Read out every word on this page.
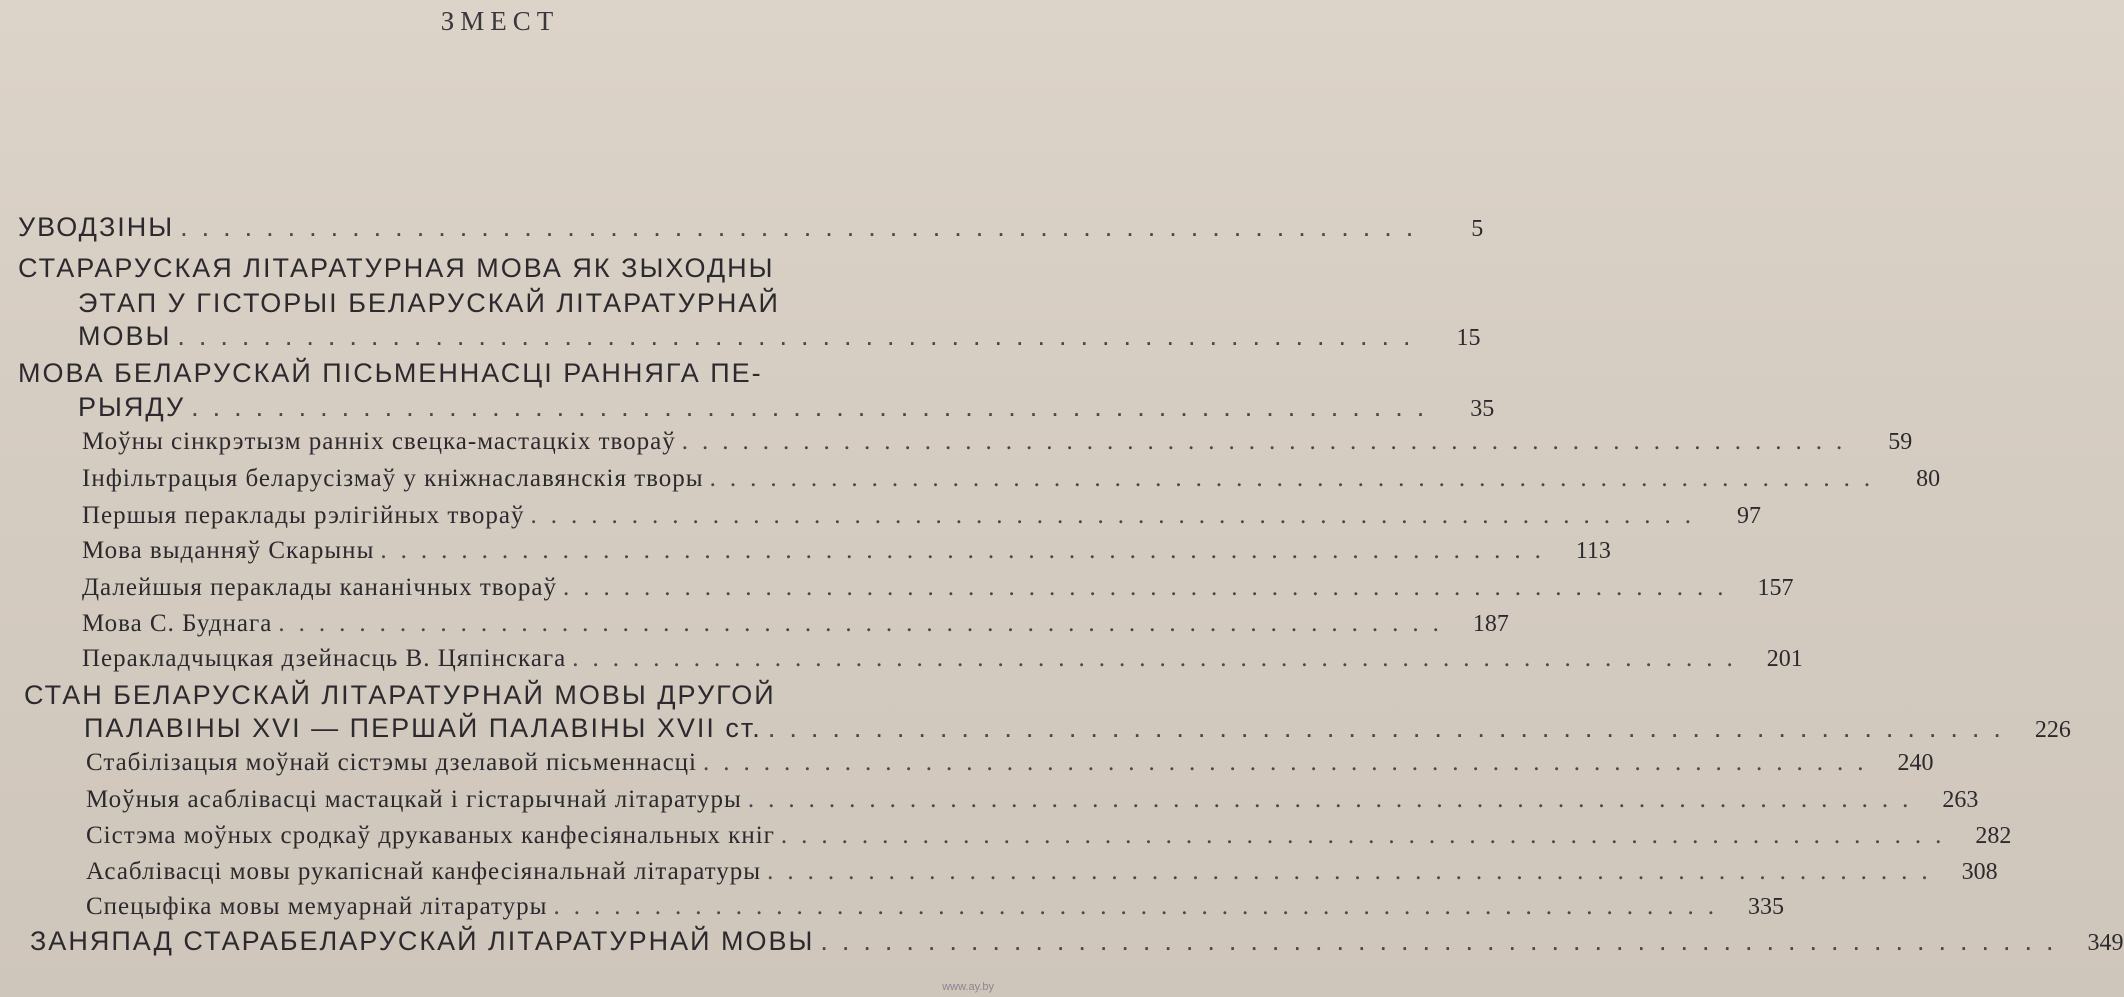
ЗМЕСТ
УВОДЗІНЫ ..........................................................	5
СТАРАРУСКАЯ ЛІТАРАТУРНАЯ МОВА ЯК ЗЫХОДНЫ
ЭТАП У ГІСТОРЫІ БЕЛАРУСКАЙ ЛІТАРАТУРНАЙ
МОВЫ ..........................................................	15
МОВА БЕЛАРУСКАЙ ПІСЬМЕННАСЦІ РАННЯГА ПЕ-
РЫЯДУ ..........................................................	35
Моўны сінкрэтызм ранніх свецка-мастацкіх твораў ..........................................................	59
Інфільтрацыя беларусізмаў у кніжнаславянскія творы ..........................................................	80
Першыя пераклады рэлігійных твораў ..........................................................	97
Мова выданняў Скарыны .......................................................... 113
Далейшыя пераклады кананічных твораў .......................................................... 157
Мова С. Буднага .......................................................... 187
Перакладчыцкая дзейнасць В. Цяпінскага .......................................................... 201
СТАН БЕЛАРУСКАЙ ЛІТАРАТУРНАЙ МОВЫ ДРУГОЙ
ПАЛАВІНЫ XVI — ПЕРШАЙ ПАЛАВІНЫ XVII ст. .......................................................... 226
Стабілізацыя моўнай сістэмы дзелавой пісьменнасці .......................................................... 240
Моўныя асаблівасці мастацкай і гістарычнай літаратуры .......................................................... 263
Сістэма моўных сродкаў друкаваных канфесіянальных кніг .......................................................... 282
Асаблівасці мовы рукапіснай канфесіянальнай літаратуры .......................................................... 308
Спецыфіка мовы мемуарнай літаратуры .......................................................... 335
ЗАНЯПАД СТАРАБЕЛАРУСКАЙ ЛІТАРАТУРНАЙ МОВЫ .......................................................... 349
www.ay.by
